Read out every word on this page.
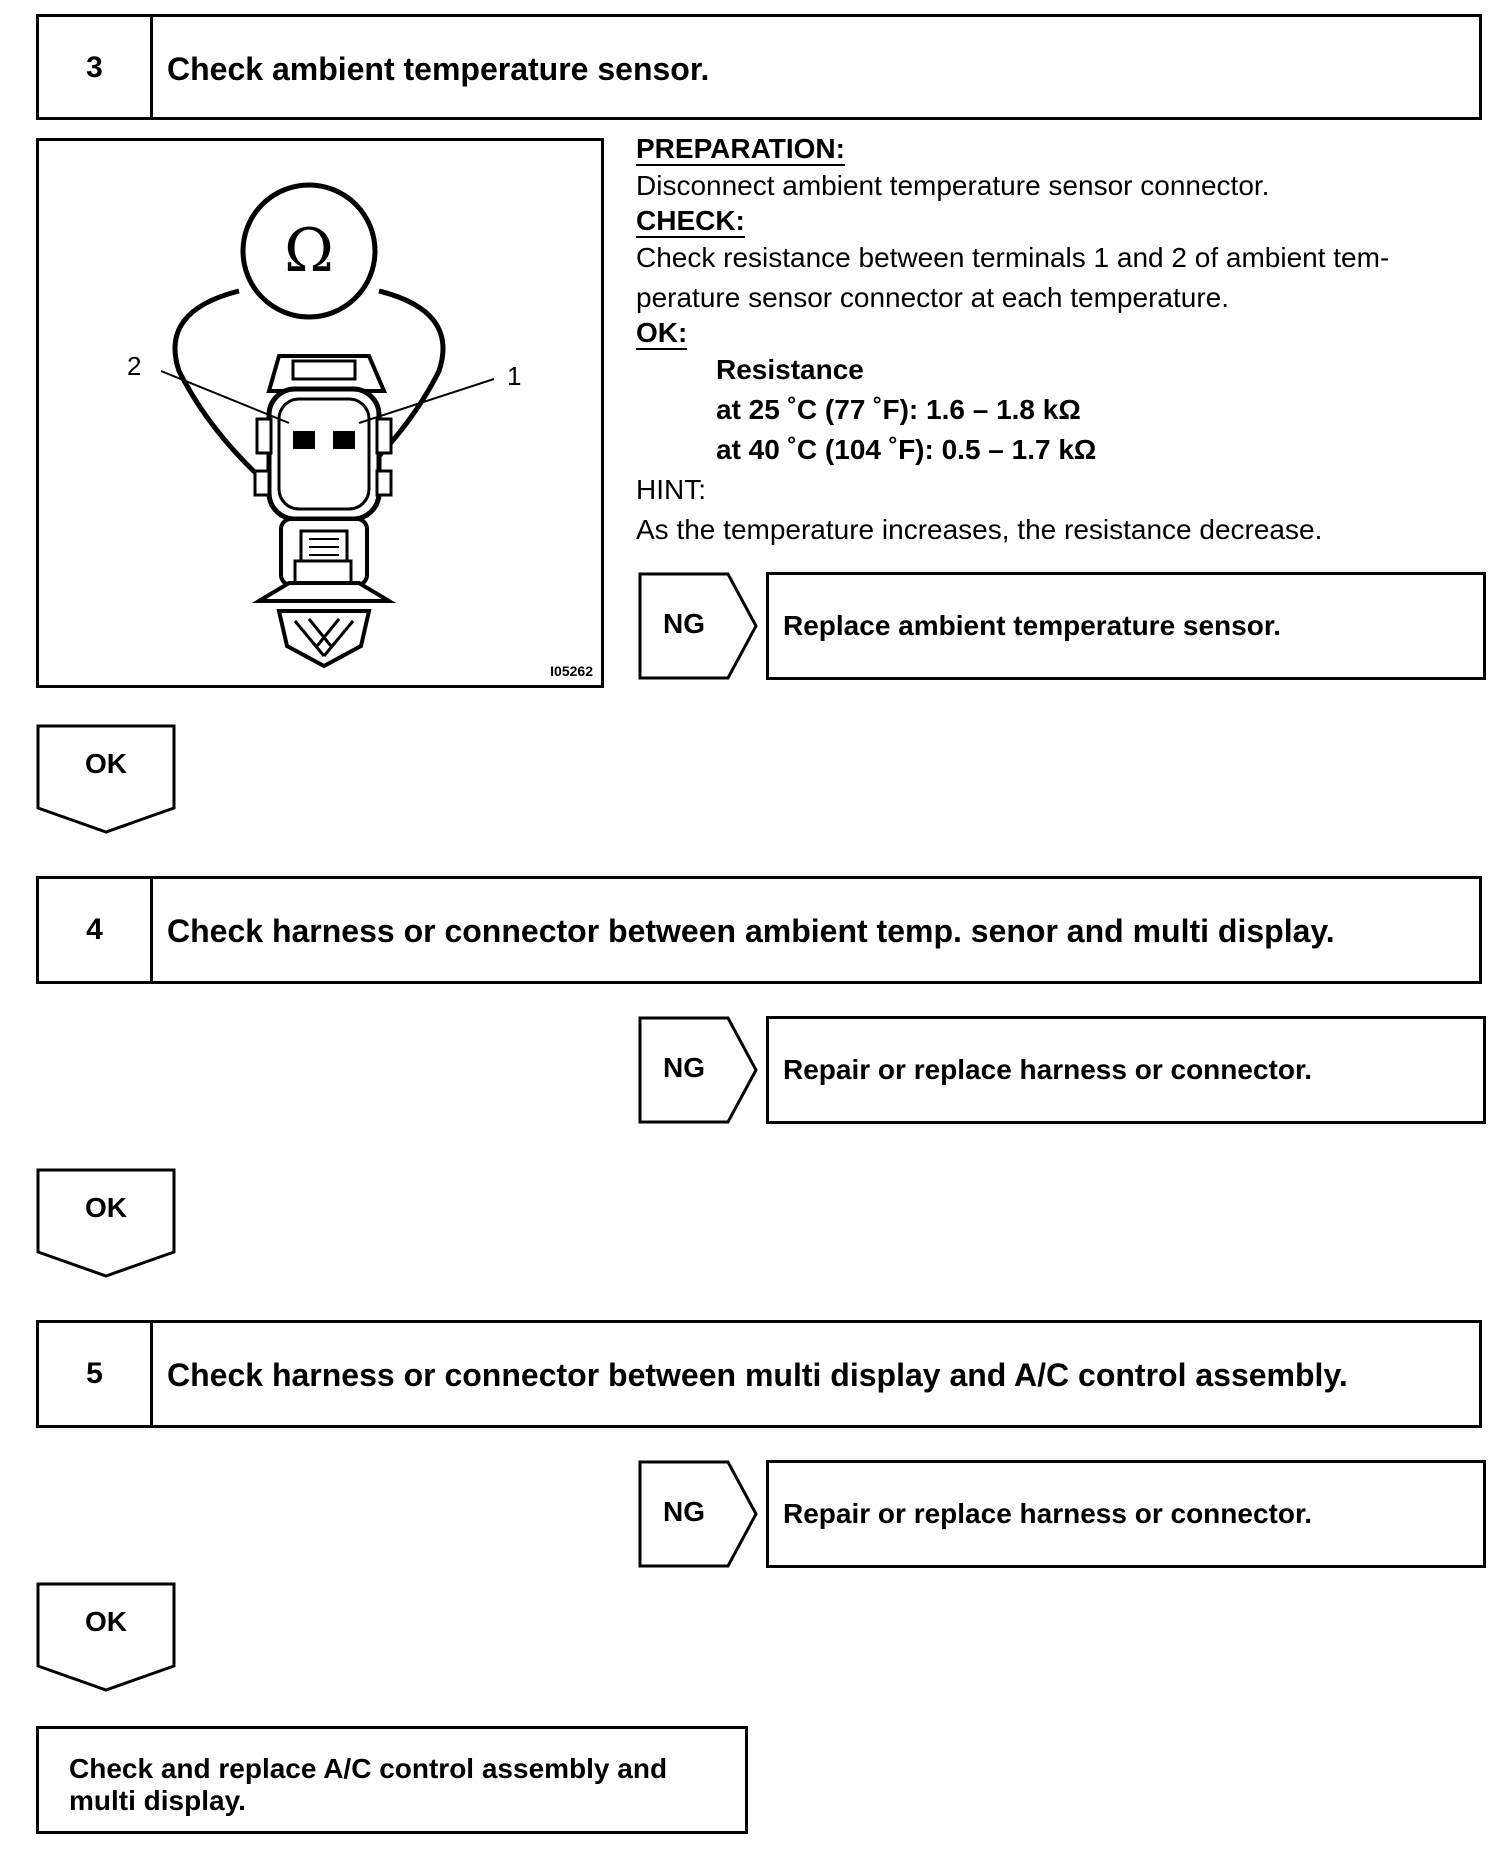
3	Check ambient temperature sensor.
Ω
2	1
I05262
PREPARATION:
Disconnect ambient temperature sensor connector.
CHECK:
Check resistance between terminals 1 and 2 of ambient tem-
perature sensor connector at each temperature.
OK:
Resistance
at 25 ˚C (77 ˚F): 1.6 – 1.8 kΩ
at 40 ˚C (104 ˚F): 0.5 – 1.7 kΩ
HINT:
As the temperature increases, the resistance decrease.
NG	Replace ambient temperature sensor.
OK
4	Check harness or connector between ambient temp. senor and multi display.
NG	Repair or replace harness or connector.
OK
5	Check harness or connector between multi display and A/C control assembly.
NG	Repair or replace harness or connector.
OK
Check and replace A/C control assembly and
multi display.
